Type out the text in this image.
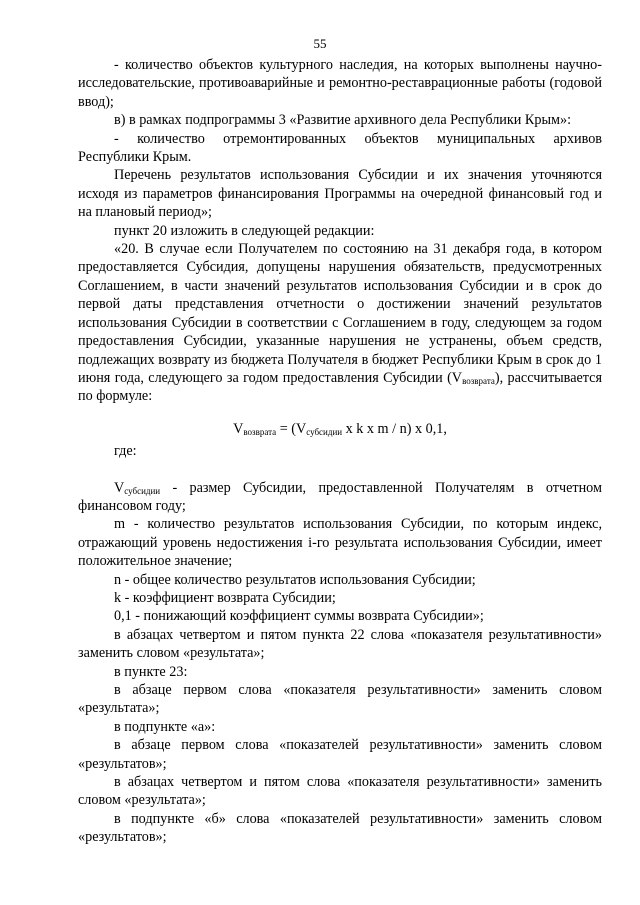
55

- количество объектов культурного наследия, на которых выполнены научно-исследовательские, противоаварийные и ремонтно-реставрационные работы (годовой ввод);

в) в рамках подпрограммы 3 «Развитие архивного дела Республики Крым»:

- количество отремонтированных объектов муниципальных архивов Республики Крым.

Перечень результатов использования Субсидии и их значения уточняются исходя из параметров финансирования Программы на очередной финансовый год и на плановый период»;

пункт 20 изложить в следующей редакции:

«20. В случае если Получателем по состоянию на 31 декабря года, в котором предоставляется Субсидия, допущены нарушения обязательств, предусмотренных Соглашением, в части значений результатов использования Субсидии и в срок до первой даты представления отчетности о достижении значений результатов использования Субсидии в соответствии с Соглашением в году, следующем за годом предоставления Субсидии, указанные нарушения не устранены, объем средств, подлежащих возврату из бюджета Получателя в бюджет Республики Крым в срок до 1 июня года, следующего за годом предоставления Субсидии $(V_{возврата})$, рассчитывается по формуле:

$V_{возврата} = (V_{субсидии}$ x k x m / n) x 0,1,

где:

$V_{субсидии}$ - размер Субсидии, предоставленной Получателям в отчетном финансовом году;

m - количество результатов использования Субсидии, по которым индекс, отражающий уровень недостижения i-го результата использования Субсидии, имеет положительное значение;

n - общее количество результатов использования Субсидии;

k - коэффициент возврата Субсидии;

0,1 - понижающий коэффициент суммы возврата Субсидии»;

в абзацах четвертом и пятом пункта 22 слова «показателя результативности» заменить словом «результата»;

в пункте 23:

в абзаце первом слова «показателя результативности» заменить словом «результата»;

в подпункте «а»:

в абзаце первом слова «показателей результативности» заменить словом «результатов»;

в абзацах четвертом и пятом слова «показателя результативности» заменить словом «результата»;

в подпункте «б» слова «показателей результативности» заменить словом «результатов»;
